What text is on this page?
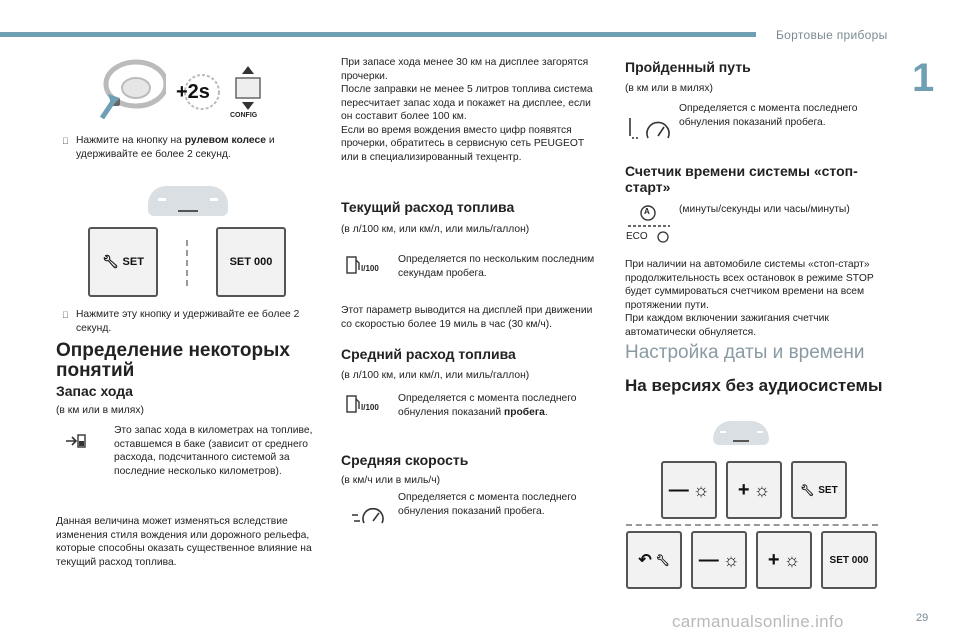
Бортовые приборы
1
+2s
CONFIG
Нажмите на кнопку на рулевом колесе и удерживайте ее более 2 секунд.
🔧︎ SET	SET 000
Нажмите эту кнопку и удерживайте ее более 2 секунд.
Определение некоторых понятий
Запас хода
(в км или в милях)
Это запас хода в километрах на топливе, оставшемся в баке (зависит от среднего расхода, подсчитанного системой за последние несколько километров).
Данная величина может изменяться вследствие изменения стиля вождения или дорожного рельефа, которые способны оказать существенное влияние на текущий расход топлива.
При запасе хода менее 30 км на дисплее загорятся прочерки.
После заправки не менее 5 литров топлива система пересчитает запас хода и покажет на дисплее, если он составит более 100 км.
Если во время вождения вместо цифр появятся прочерки, обратитесь в сервисную сеть PEUGEOT или в специализированный техцентр.
Текущий расход топлива
(в л/100 км, или км/л, или миль/галлон)
l/100
Определяется по нескольким последним секундам пробега.
Этот параметр выводится на дисплей при движении со скоростью более 19 миль в час (30 км/ч).
Средний расход топлива
(в л/100 км, или км/л, или миль/галлон)
l/100
Определяется с момента последнего обнуления показаний пробега.
Средняя скорость
(в км/ч или в миль/ч)
Определяется с момента последнего обнуления показаний пробега.
Пройденный путь
(в км или в милях)
Определяется с момента последнего обнуления показаний пробега.
Счетчик времени системы «стоп-старт»
A
ECO
(минуты/секунды или часы/минуты)
При наличии на автомобиле системы «стоп-старт» продолжительность всех остановок в режиме STOP будет суммироваться счетчиком времени на всем протяжении пути.
При каждом включении зажигания счетчик автоматически обнуляется.
Настройка даты и времени
На версиях без аудиосистемы
— ☼ + ☼	🔧︎ SET
↶ 🔧︎ — ☼ + ☼	SET 000
carmanualsonline.info	29
